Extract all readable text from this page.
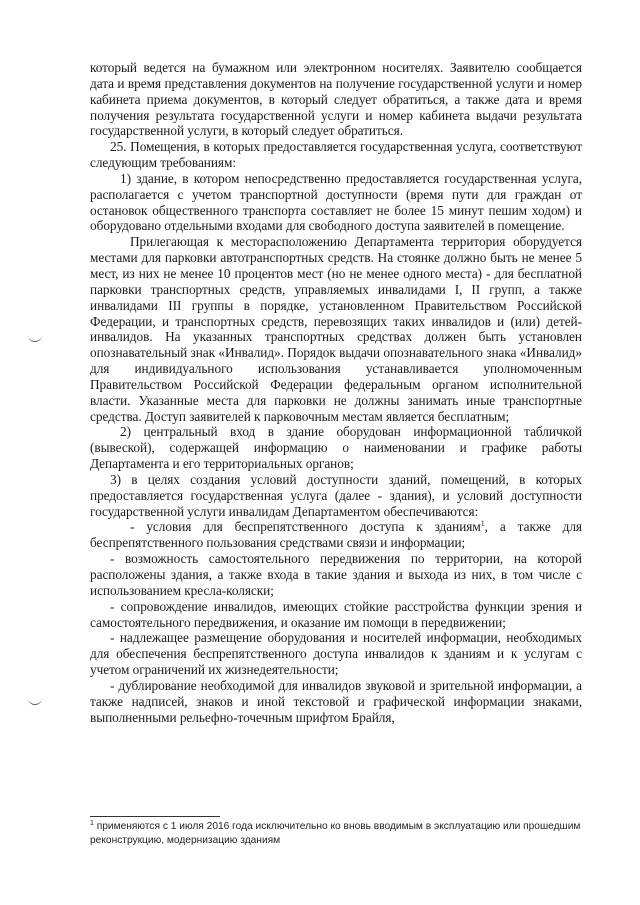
который ведется на бумажном или электронном носителях. Заявителю сообщается дата и время представления документов на получение государственной услуги и номер кабинета приема документов, в который следует обратиться, а также дата и время получения результата государственной услуги и номер кабинета выдачи результата государственной услуги, в который следует обратиться.

25. Помещения, в которых предоставляется государственная услуга, соответствуют следующим требованиям:

1) здание, в котором непосредственно предоставляется государственная услуга, располагается с учетом транспортной доступности (время пути для граждан от остановок общественного транспорта составляет не более 15 минут пешим ходом) и оборудовано отдельными входами для свободного доступа заявителей в помещение.

Прилегающая к месторасположению Департамента территория оборудуется местами для парковки автотранспортных средств. На стоянке должно быть не менее 5 мест, из них не менее 10 процентов мест (но не менее одного места) - для бесплатной парковки транспортных средств, управляемых инвалидами I, II групп, а также инвалидами III группы в порядке, установленном Правительством Российской Федерации, и транспортных средств, перевозящих таких инвалидов и (или) детей-инвалидов. На указанных транспортных средствах должен быть установлен опознавательный знак «Инвалид». Порядок выдачи опознавательного знака «Инвалид» для индивидуального использования устанавливается уполномоченным Правительством Российской Федерации федеральным органом исполнительной власти. Указанные места для парковки не должны занимать иные транспортные средства. Доступ заявителей к парковочным местам является бесплатным;

2) центральный вход в здание оборудован информационной табличкой (вывеской), содержащей информацию о наименовании и графике работы Департамента и его территориальных органов;

3) в целях создания условий доступности зданий, помещений, в которых предоставляется государственная услуга (далее - здания), и условий доступности государственной услуги инвалидам Департаментом обеспечиваются:

- условия для беспрепятственного доступа к зданиям$^1$, а также для беспрепятственного пользования средствами связи и информации;

- возможность самостоятельного передвижения по территории, на которой расположены здания, а также входа в такие здания и выхода из них, в том числе с использованием кресла-коляски;

- сопровождение инвалидов, имеющих стойкие расстройства функции зрения и самостоятельного передвижения, и оказание им помощи в передвижении;

- надлежащее размещение оборудования и носителей информации, необходимых для обеспечения беспрепятственного доступа инвалидов к зданиям и к услугам с учетом ограничений их жизнедеятельности;

- дублирование необходимой для инвалидов звуковой и зрительной информации, а также надписей, знаков и иной текстовой и графической информации знаками, выполненными рельефно-точечным шрифтом Брайля,

$^1$ применяются с 1 июля 2016 года исключительно ко вновь вводимым в эксплуатацию или прошедшим реконструкцию, модернизацию зданиям
